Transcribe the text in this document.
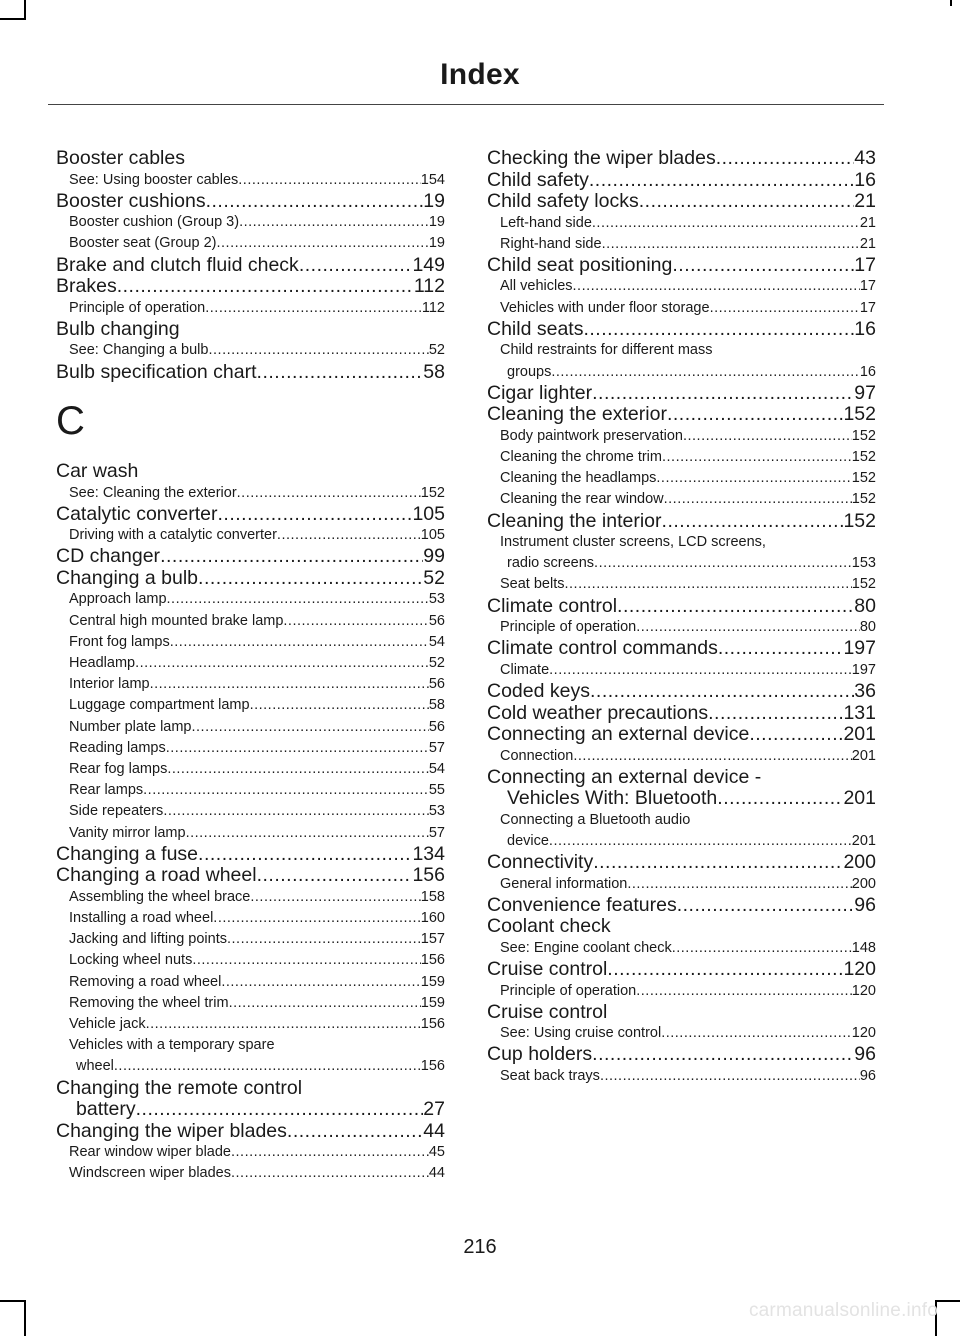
Index
Booster cables
See: Using booster cables .....	154
Booster cushions .....	19
Booster cushion (Group 3) .....	19
Booster seat (Group 2) .....	19
Brake and clutch fluid check .....	149
Brakes .....	112
Principle of operation .....	112
Bulb changing
See: Changing a bulb .....	52
Bulb specification chart .....	58
C
Car wash
See: Cleaning the exterior .....	152
Catalytic converter .....	105
Driving with a catalytic converter .....	105
CD changer .....	99
Changing a bulb .....	52
Approach lamp .....	53
Central high mounted brake lamp .....	56
Front fog lamps .....	54
Headlamp .....	52
Interior lamp .....	56
Luggage compartment lamp .....	58
Number plate lamp .....	56
Reading lamps .....	57
Rear fog lamps .....	54
Rear lamps .....	55
Side repeaters .....	53
Vanity mirror lamp .....	57
Changing a fuse .....	134
Changing a road wheel .....	156
Assembling the wheel brace .....	158
Installing a road wheel .....	160
Jacking and lifting points .....	157
Locking wheel nuts .....	156
Removing a road wheel .....	159
Removing the wheel trim .....	159
Vehicle jack .....	156
Vehicles with a temporary spare
wheel .....	156
Changing the remote control
battery .....	27
Changing the wiper blades .....	44
Rear window wiper blade .....	45
Windscreen wiper blades .....	44
Checking the wiper blades .....	43
Child safety .....	16
Child safety locks .....	21
Left-hand side .....	21
Right-hand side .....	21
Child seat positioning .....	17
All vehicles .....	17
Vehicles with under floor storage .....	17
Child seats .....	16
Child restraints for different mass
groups .....	16
Cigar lighter .....	97
Cleaning the exterior .....	152
Body paintwork preservation .....	152
Cleaning the chrome trim .....	152
Cleaning the headlamps .....	152
Cleaning the rear window .....	152
Cleaning the interior .....	152
Instrument cluster screens, LCD screens,
radio screens .....	153
Seat belts .....	152
Climate control .....	80
Principle of operation .....	80
Climate control commands .....	197
Climate .....	197
Coded keys .....	36
Cold weather precautions .....	131
Connecting an external device .....	201
Connection .....	201
Connecting an external device -
Vehicles With: Bluetooth .....	201
Connecting a Bluetooth audio
device .....	201
Connectivity .....	200
General information .....	200
Convenience features .....	96
Coolant check
See: Engine coolant check .....	148
Cruise control .....	120
Principle of operation .....	120
Cruise control
See: Using cruise control .....	120
Cup holders .....	96
Seat back trays .....	96
216
carmanualsonline.info
